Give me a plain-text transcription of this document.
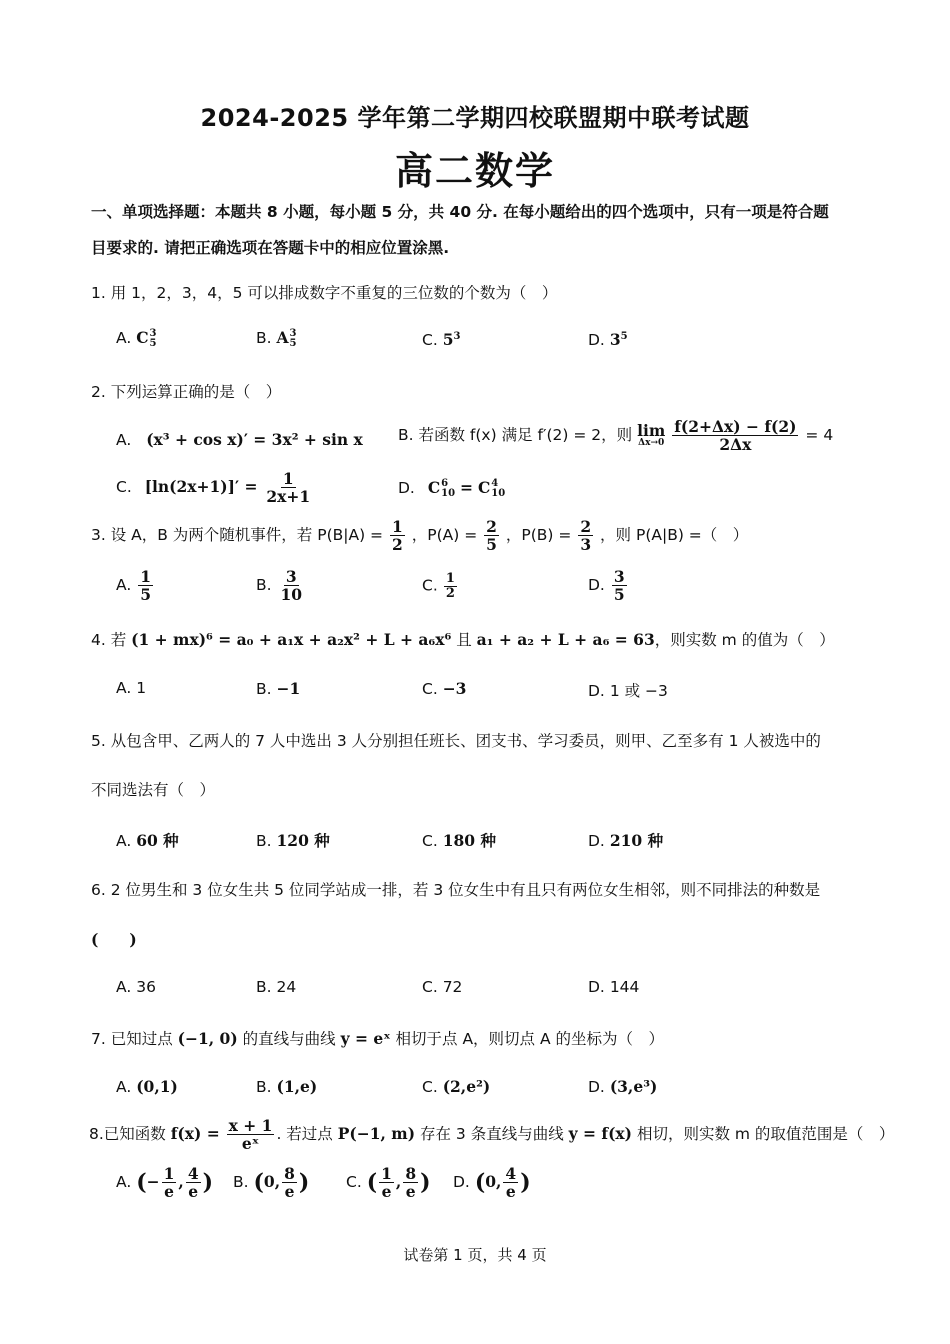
2024-2025 学年第二学期四校联盟期中联考试题
高二数学
一、单项选择题：本题共 8 小题，每小题 5 分，共 40 分. 在每小题给出的四个选项中，只有一项是符合题
目要求的. 请把正确选项在答题卡中的相应位置涂黑.
1. 用 1，2，3，4，5 可以排成数字不重复的三位数的个数为（　）
A. C 3
5	B. A 3
5	C. $5^3$	D. $3^5$
2. 下列运算正确的是（　）
A. (x³ + cos x)′ = 3x² + sin x B. 若函数 f(x) 满足 f′(2) = 2，则 lim
Δx→0
$\frac{f(2+\Delta x) - f(2)}{2\Delta x} = 4$
C. $[\ln(2x+1)]' = \frac{1}{2x+1}$	D. C 6
10 = C 4
10
3. 设 A，B 为两个随机事件，若 $P(B|A) = \frac{1}{2}$ ，$P(A) = \frac{2}{5}$ ，$P(B) = \frac{2}{3}$ ，则 P(A|B) =（　）
A. $\frac{1}{5}$	B. $\frac{3}{10}$	C. $\frac{1}{2}$	D. $\frac{3}{5}$
4. 若 (1 + mx)⁶ = a₀ + a₁x + a₂x² + L + a₆x⁶ 且 a₁ + a₂ + L + a₆ = 63，则实数 m 的值为（　）
A. 1	B. −1	C. −3	D. 1 或 −3
5. 从包含甲、乙两人的 7 人中选出 3 人分别担任班长、团支书、学习委员，则甲、乙至多有 1 人被选中的
不同选法有（　）
A. 60 种	B. 120 种	C. 180 种	D. 210 种
6. 2 位男生和 3 位女生共 5 位同学站成一排，若 3 位女生中有且只有两位女生相邻，则不同排法的种数是
(　　)
A. 36	B. 24	C. 72	D. 144
7. 已知过点 (−1, 0) 的直线与曲线 y = eˣ 相切于点 A，则切点 A 的坐标为（　）
A. (0,1)	B. (1,e)	C. (2,e²)	D. (3,e³)
8.已知函数 $f(x) = \frac{x + 1}{\text{eˣ}}$ . 若过点 P(−1, m) 存在 3 条直线与曲线 y = f(x) 相切，则实数 m 的取值范围是（　）
A. (− $\frac{1}{e}$ , $\frac{4}{e}$ ) B. (0, $\frac{8}{e}$ ) C. ( $\frac{1}{e}$ , $\frac{8}{e}$ ) D. (0, $\frac{4}{e}$ )
试卷第 1 页，共 4 页
